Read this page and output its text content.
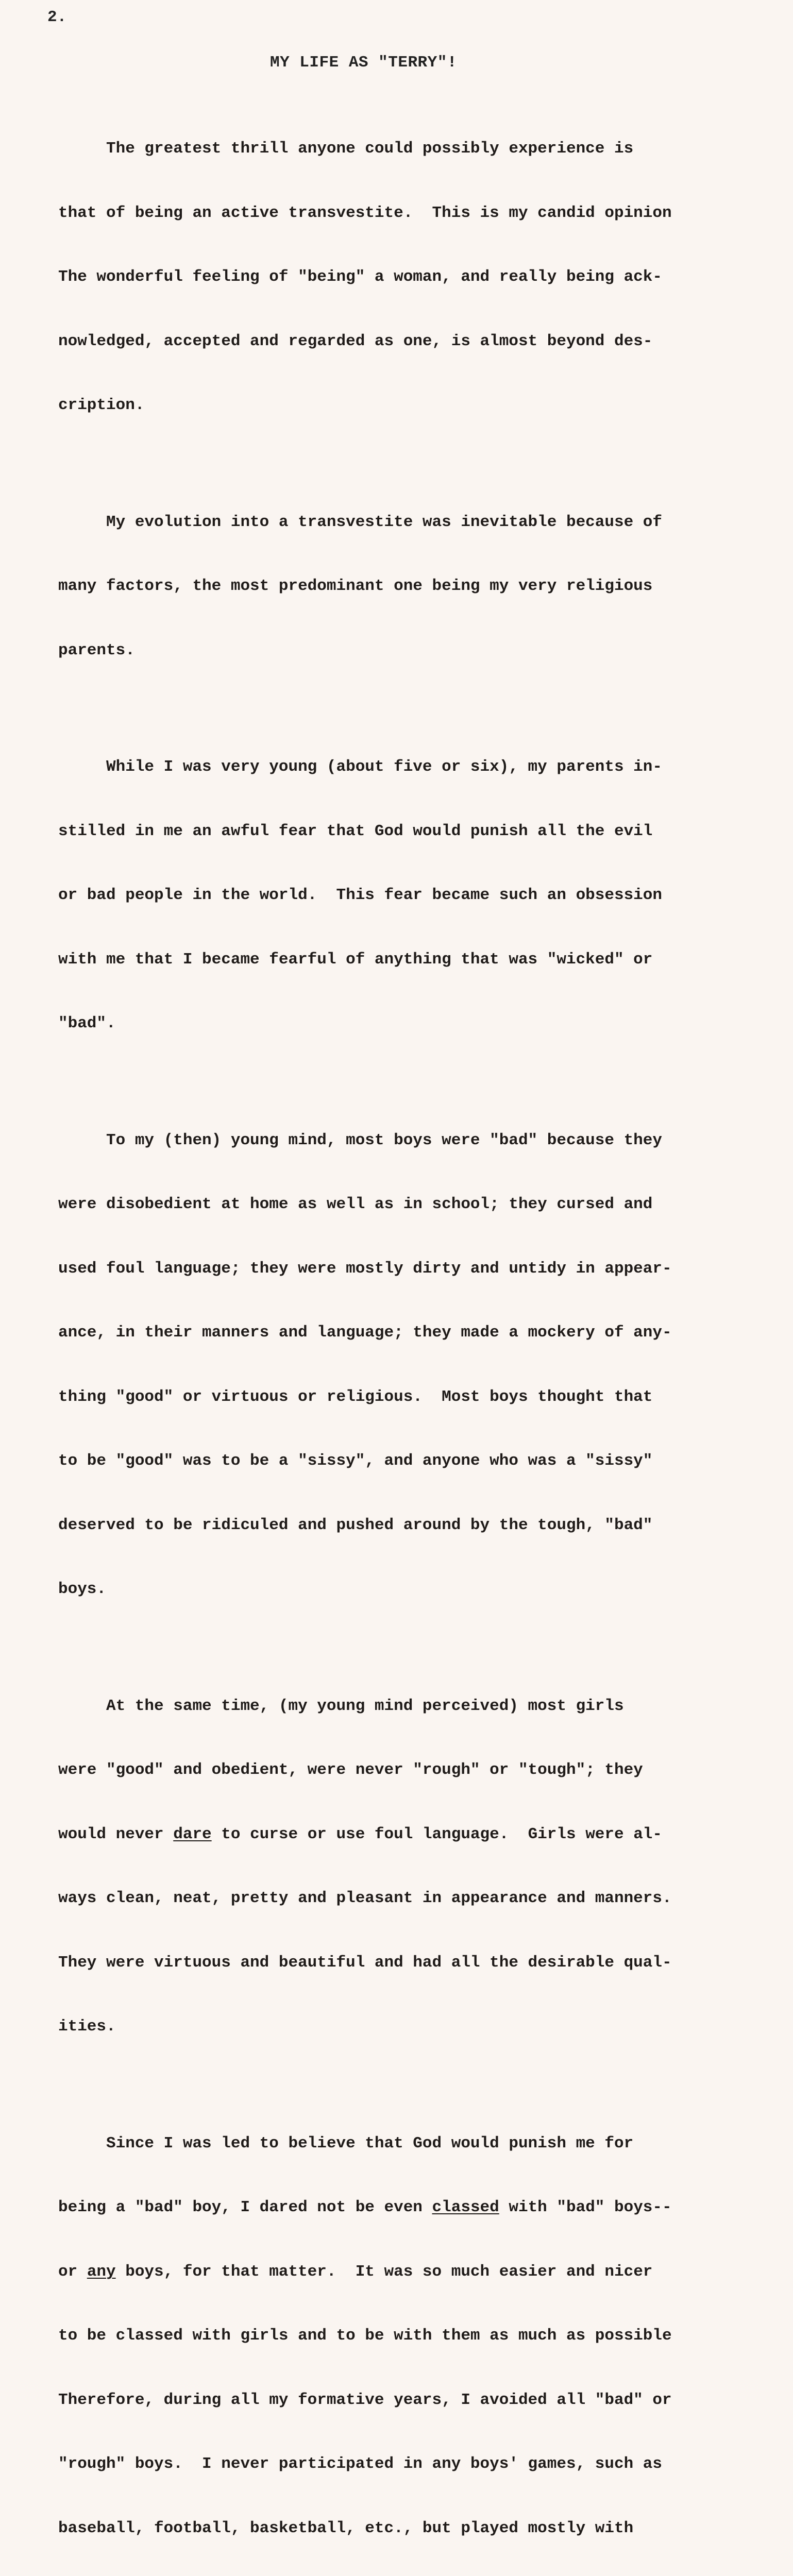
2.
MY LIFE AS "TERRY"!

The greatest thrill anyone could possibly experience is

that of being an active transvestite.  This is my candid opinion

The wonderful feeling of "being" a woman, and really being ack-

nowledged, accepted and regarded as one, is almost beyond des-

cription.

My evolution into a transvestite was inevitable because of

many factors, the most predominant one being my very religious

parents.

While I was very young (about five or six), my parents in-

stilled in me an awful fear that God would punish all the evil

or bad people in the world.  This fear became such an obsession

with me that I became fearful of anything that was "wicked" or

"bad".

To my (then) young mind, most boys were "bad" because they

were disobedient at home as well as in school; they cursed and

used foul language; they were mostly dirty and untidy in appear-

ance, in their manners and language; they made a mockery of any-

thing "good" or virtuous or religious.  Most boys thought that

to be "good" was to be a "sissy", and anyone who was a "sissy"

deserved to be ridiculed and pushed around by the tough, "bad"

boys.

At the same time, (my young mind perceived) most girls

were "good" and obedient, were never "rough" or "tough"; they

would never dare to curse or use foul language.  Girls were al-

ways clean, neat, pretty and pleasant in appearance and manners.

They were virtuous and beautiful and had all the desirable qual-

ities.

Since I was led to believe that God would punish me for

being a "bad" boy, I dared not be even classed with "bad" boys--

or any boys, for that matter.  It was so much easier and nicer

to be classed with girls and to be with them as much as possible

Therefore, during all my formative years, I avoided all "bad" or

"rough" boys.  I never participated in any boys' games, such as

baseball, football, basketball, etc., but played mostly with
